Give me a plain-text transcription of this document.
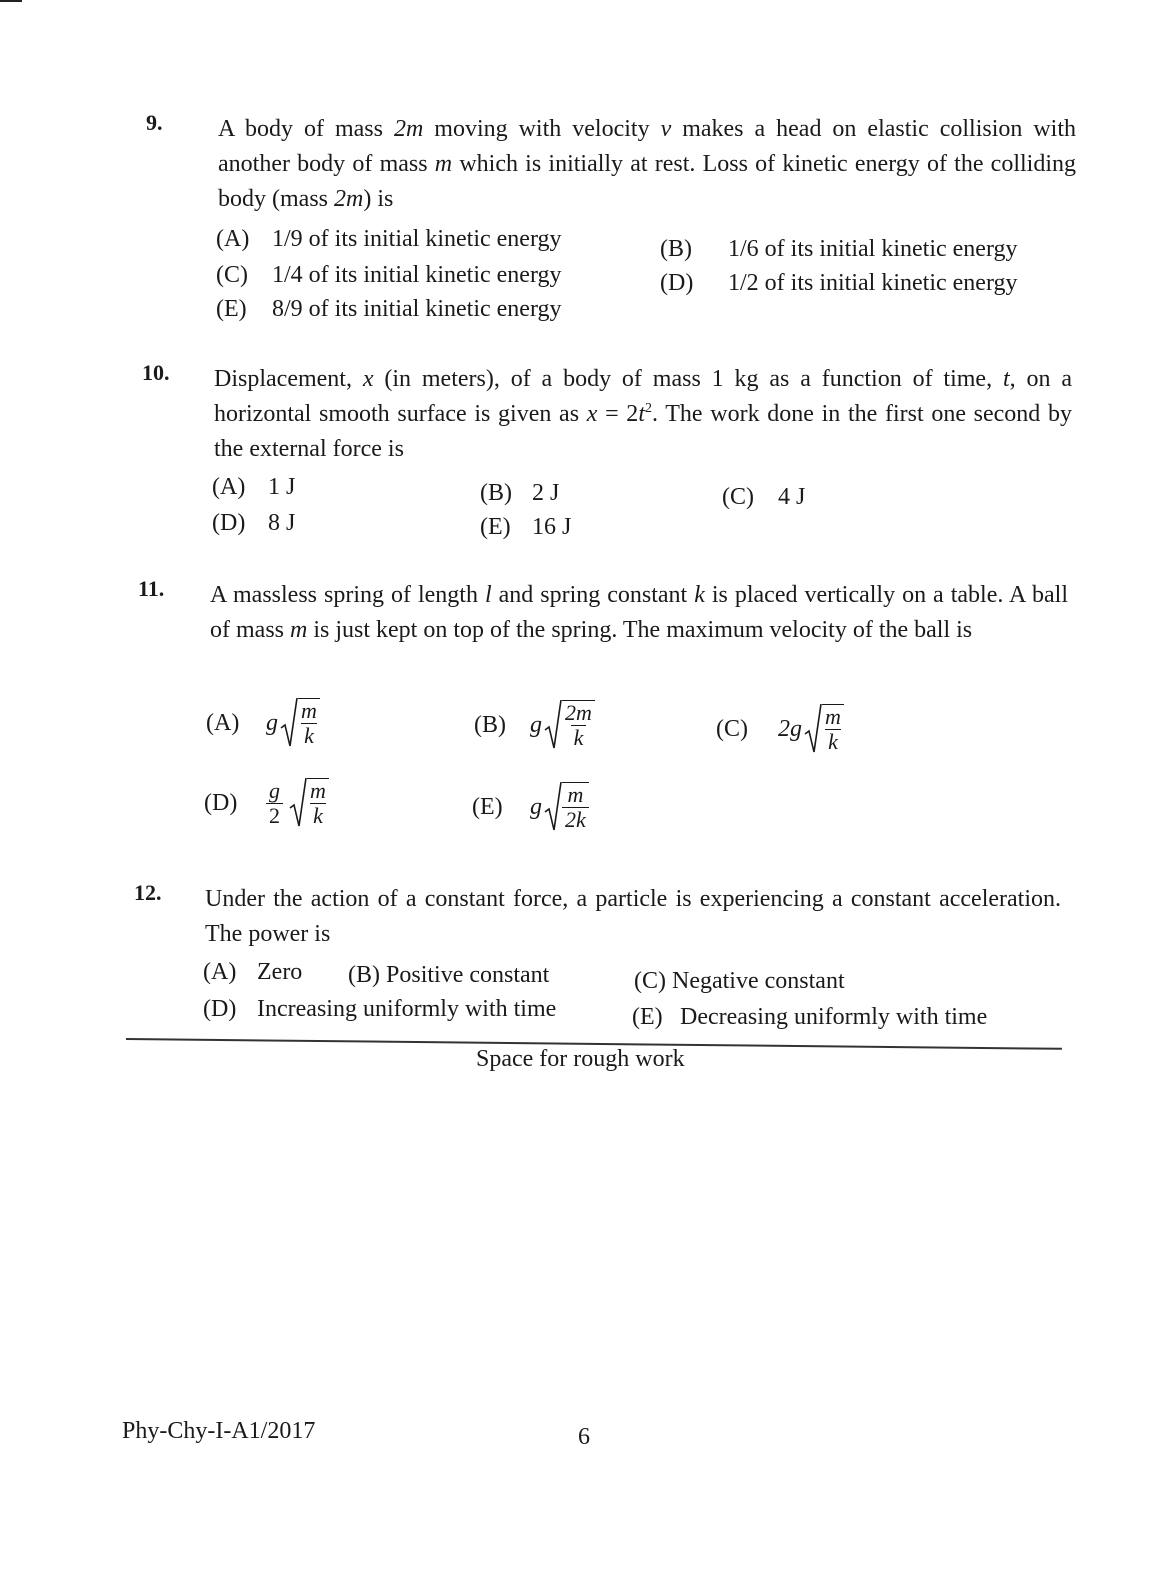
9. A body of mass 2m moving with velocity v makes a head on elastic collision with another body of mass m which is initially at rest. Loss of kinetic energy of the colliding body (mass 2m) is
(A) 1/9 of its initial kinetic energy	(B) 1/6 of its initial kinetic energy
(C) 1/4 of its initial kinetic energy	(D) 1/2 of its initial kinetic energy
(E) 8/9 of its initial kinetic energy
10. Displacement, x (in meters), of a body of mass 1 kg as a function of time, t, on a horizontal smooth surface is given as $x = 2t^2$. The work done in the first one second by the external force is
(A) 1 J	(B) 2 J	(C) 4 J
(D) 8 J	(E) 16 J
11. A massless spring of length l and spring constant k is placed vertically on a table. A ball of mass m is just kept on top of the spring. The maximum velocity of the ball is
(A) g $\frac{m}{k}$	(B) g $\frac{2m}{k}$	(C) $2g \frac{m}{k}$
(D) g
$2 \frac{m}{k}$	(E) g $\frac{m}{2k}$
12. Under the action of a constant force, a particle is experiencing a constant acceleration. The power is
(A) Zero (B) Positive constant	(C) Negative constant
(D) Increasing uniformly with time	(E) Decreasing uniformly with time
Space for rough work
Phy-Chy-I-A1/2017	6
